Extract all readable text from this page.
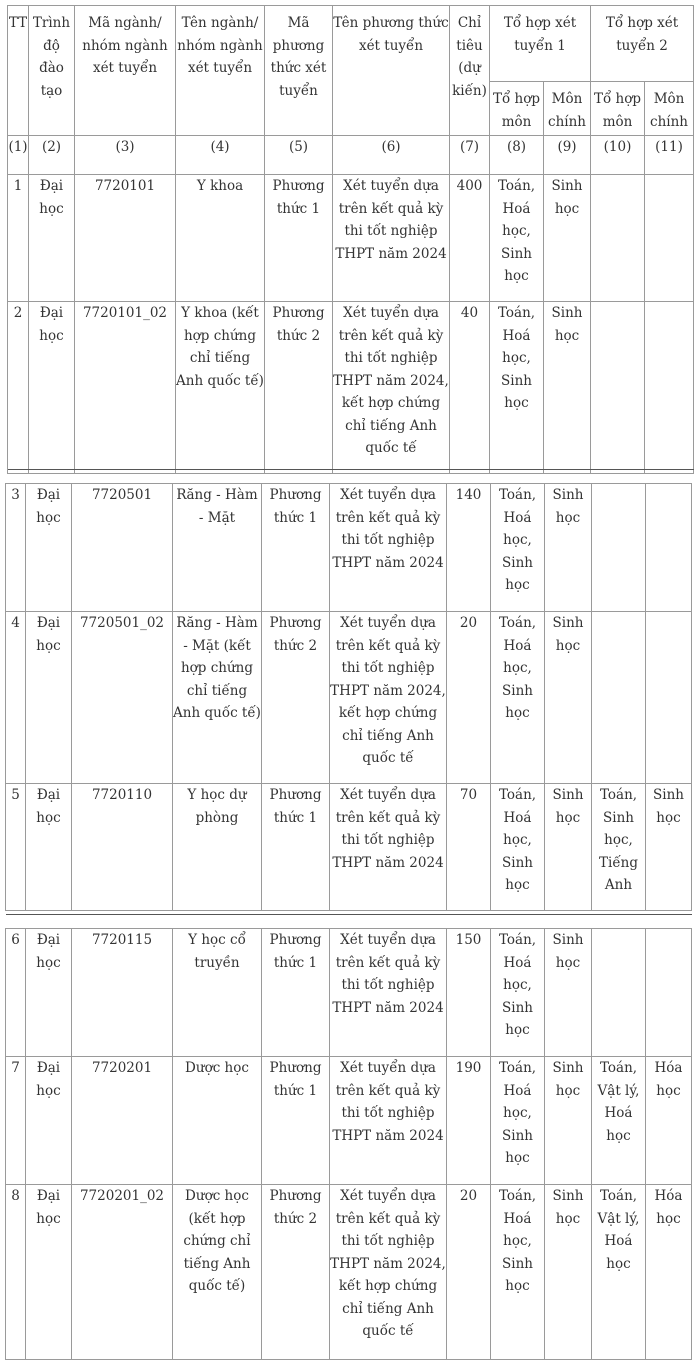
TT	Trình độ đào tạo	Mã ngành/ nhóm ngành xét tuyển	Tên ngành/ nhóm ngành xét tuyển	Mã phương thức xét tuyển	Tên phương thức xét tuyển	Chỉ tiêu (dự kiến)	Tổ hợp xét tuyển 1		Tổ hợp xét tuyển 2	
							Tổ hợp môn	Môn chính	Tổ hợp môn	Môn chính
(1)	(2)	(3)	(4)	(5)	(6)	(7)	(8)	(9)	(10)	(11)
1	Đại học	7720101	Y khoa	Phương thức 1	Xét tuyển dựa trên kết quả kỳ thi tốt nghiệp THPT năm 2024	400	Toán, Hoá học, Sinh học	Sinh học		
2	Đại học	7720101_02	Y khoa (kết hợp chứng chỉ tiếng Anh quốc tế)	Phương thức 2	Xét tuyển dựa trên kết quả kỳ thi tốt nghiệp THPT năm 2024, kết hợp chứng chỉ tiếng Anh quốc tế	40	Toán, Hoá học, Sinh học	Sinh học		
3	Đại học	7720501	Răng - Hàm - Mặt	Phương thức 1	Xét tuyển dựa trên kết quả kỳ thi tốt nghiệp THPT năm 2024	140	Toán, Hoá học, Sinh học	Sinh học		
4	Đại học	7720501_02	Răng - Hàm - Mặt (kết hợp chứng chỉ tiếng Anh quốc tế)	Phương thức 2	Xét tuyển dựa trên kết quả kỳ thi tốt nghiệp THPT năm 2024, kết hợp chứng chỉ tiếng Anh quốc tế	20	Toán, Hoá học, Sinh học	Sinh học		
5	Đại học	7720110	Y học dự phòng	Phương thức 1	Xét tuyển dựa trên kết quả kỳ thi tốt nghiệp THPT năm 2024	70	Toán, Hoá học, Sinh học	Sinh học	Toán, Sinh học, Tiếng Anh	Sinh học
6	Đại học	7720115	Y học cổ truyền	Phương thức 1	Xét tuyển dựa trên kết quả kỳ thi tốt nghiệp THPT năm 2024	150	Toán, Hoá học, Sinh học	Sinh học		
7	Đại học	7720201	Dược học	Phương thức 1	Xét tuyển dựa trên kết quả kỳ thi tốt nghiệp THPT năm 2024	190	Toán, Hoá học, Sinh học	Sinh học	Toán, Vật lý, Hoá học	Hóa học
8	Đại học	7720201_02	Dược học (kết hợp chứng chỉ tiếng Anh quốc tế)	Phương thức 2	Xét tuyển dựa trên kết quả kỳ thi tốt nghiệp THPT năm 2024, kết hợp chứng chỉ tiếng Anh quốc tế	20	Toán, Hoá học, Sinh học	Sinh học	Toán, Vật lý, Hoá học	Hóa học
